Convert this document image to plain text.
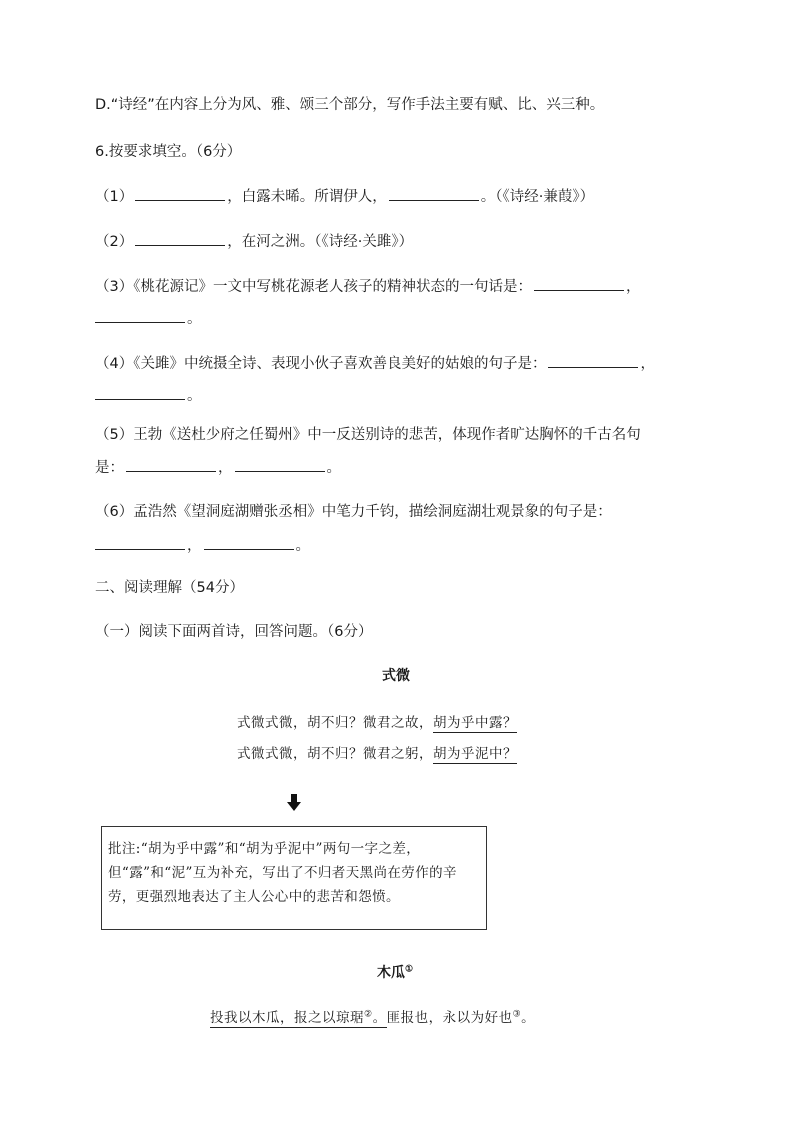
D.“诗经”在内容上分为风、雅、颂三个部分，写作手法主要有赋、比、兴三种。
6.按要求填空。（6分）
（1）	，白露未晞。所谓伊人，	。（《诗经·兼葭》）
（2）	，在河之洲。（《诗经·关雎》）
（3）《桃花源记》一文中写桃花源老人孩子的精神状态的一句话是：	，
。
（4）《关雎》中统摄全诗、表现小伙子喜欢善良美好的姑娘的句子是：	，
。
（5）王勃《送杜少府之任蜀州》中一反送别诗的悲苦，体现作者旷达胸怀的千古名句
是：	，	。
（6）孟浩然《望洞庭湖赠张丞相》中笔力千钧，描绘洞庭湖壮观景象的句子是：
，	。
二、阅读理解（54分）
（一）阅读下面两首诗，回答问题。（6分）
式微
式微式微，胡不归？微君之故，胡为乎中露？
式微式微，胡不归？微君之躬，胡为乎泥中？
批注:“胡为乎中露”和“胡为乎泥中”两句一字之差，但“露”和“泥”互为补充，写出了不归者天黑尚在劳作的辛劳，更强烈地表达了主人公心中的悲苦和怨愤。
木瓜①
投我以木瓜，报之以琼琚②。匪报也，永以为好也③。
